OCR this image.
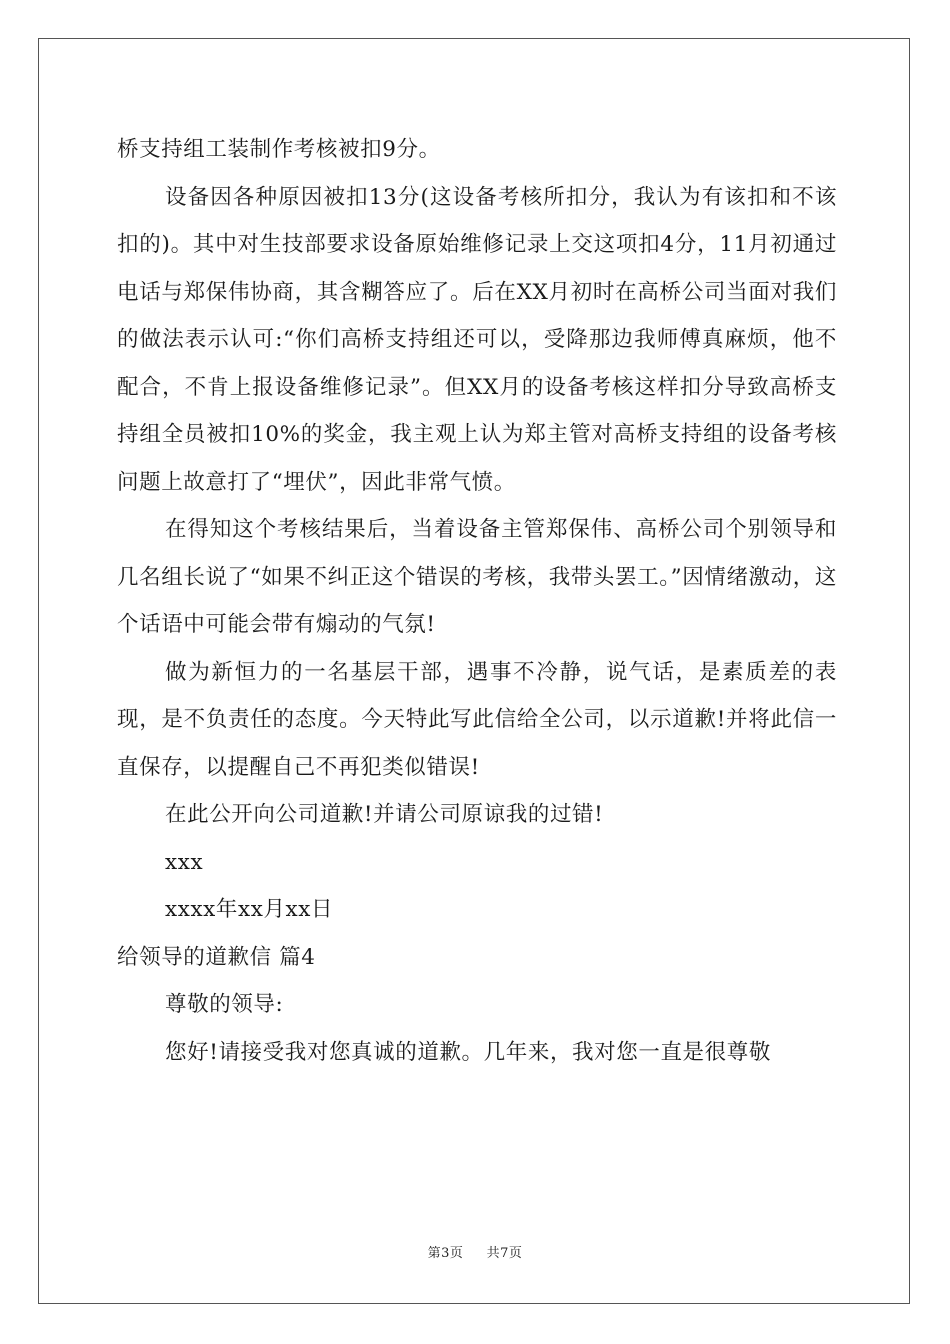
桥支持组工装制作考核被扣9分。

设备因各种原因被扣13分(这设备考核所扣分，我认为有该扣和不该扣的)。其中对生技部要求设备原始维修记录上交这项扣4分，11月初通过电话与郑保伟协商，其含糊答应了。后在XX月初时在高桥公司当面对我们的做法表示认可:“你们高桥支持组还可以，受降那边我师傅真麻烦，他不配合，不肯上报设备维修记录”。但XX月的设备考核这样扣分导致高桥支持组全员被扣10%的奖金，我主观上认为郑主管对高桥支持组的设备考核问题上故意打了“埋伏”，因此非常气愤。

在得知这个考核结果后，当着设备主管郑保伟、高桥公司个别领导和几名组长说了“如果不纠正这个错误的考核，我带头罢工。”因情绪激动，这个话语中可能会带有煽动的气氛!

做为新恒力的一名基层干部，遇事不冷静，说气话，是素质差的表现，是不负责任的态度。今天特此写此信给全公司，以示道歉!并将此信一直保存，以提醒自己不再犯类似错误!

在此公开向公司道歉!并请公司原谅我的过错!

xxx

xxxx年xx月xx日

给领导的道歉信 篇4

尊敬的领导:

您好!请接受我对您真诚的道歉。几年来，我对您一直是很尊敬

第3页 共7页
